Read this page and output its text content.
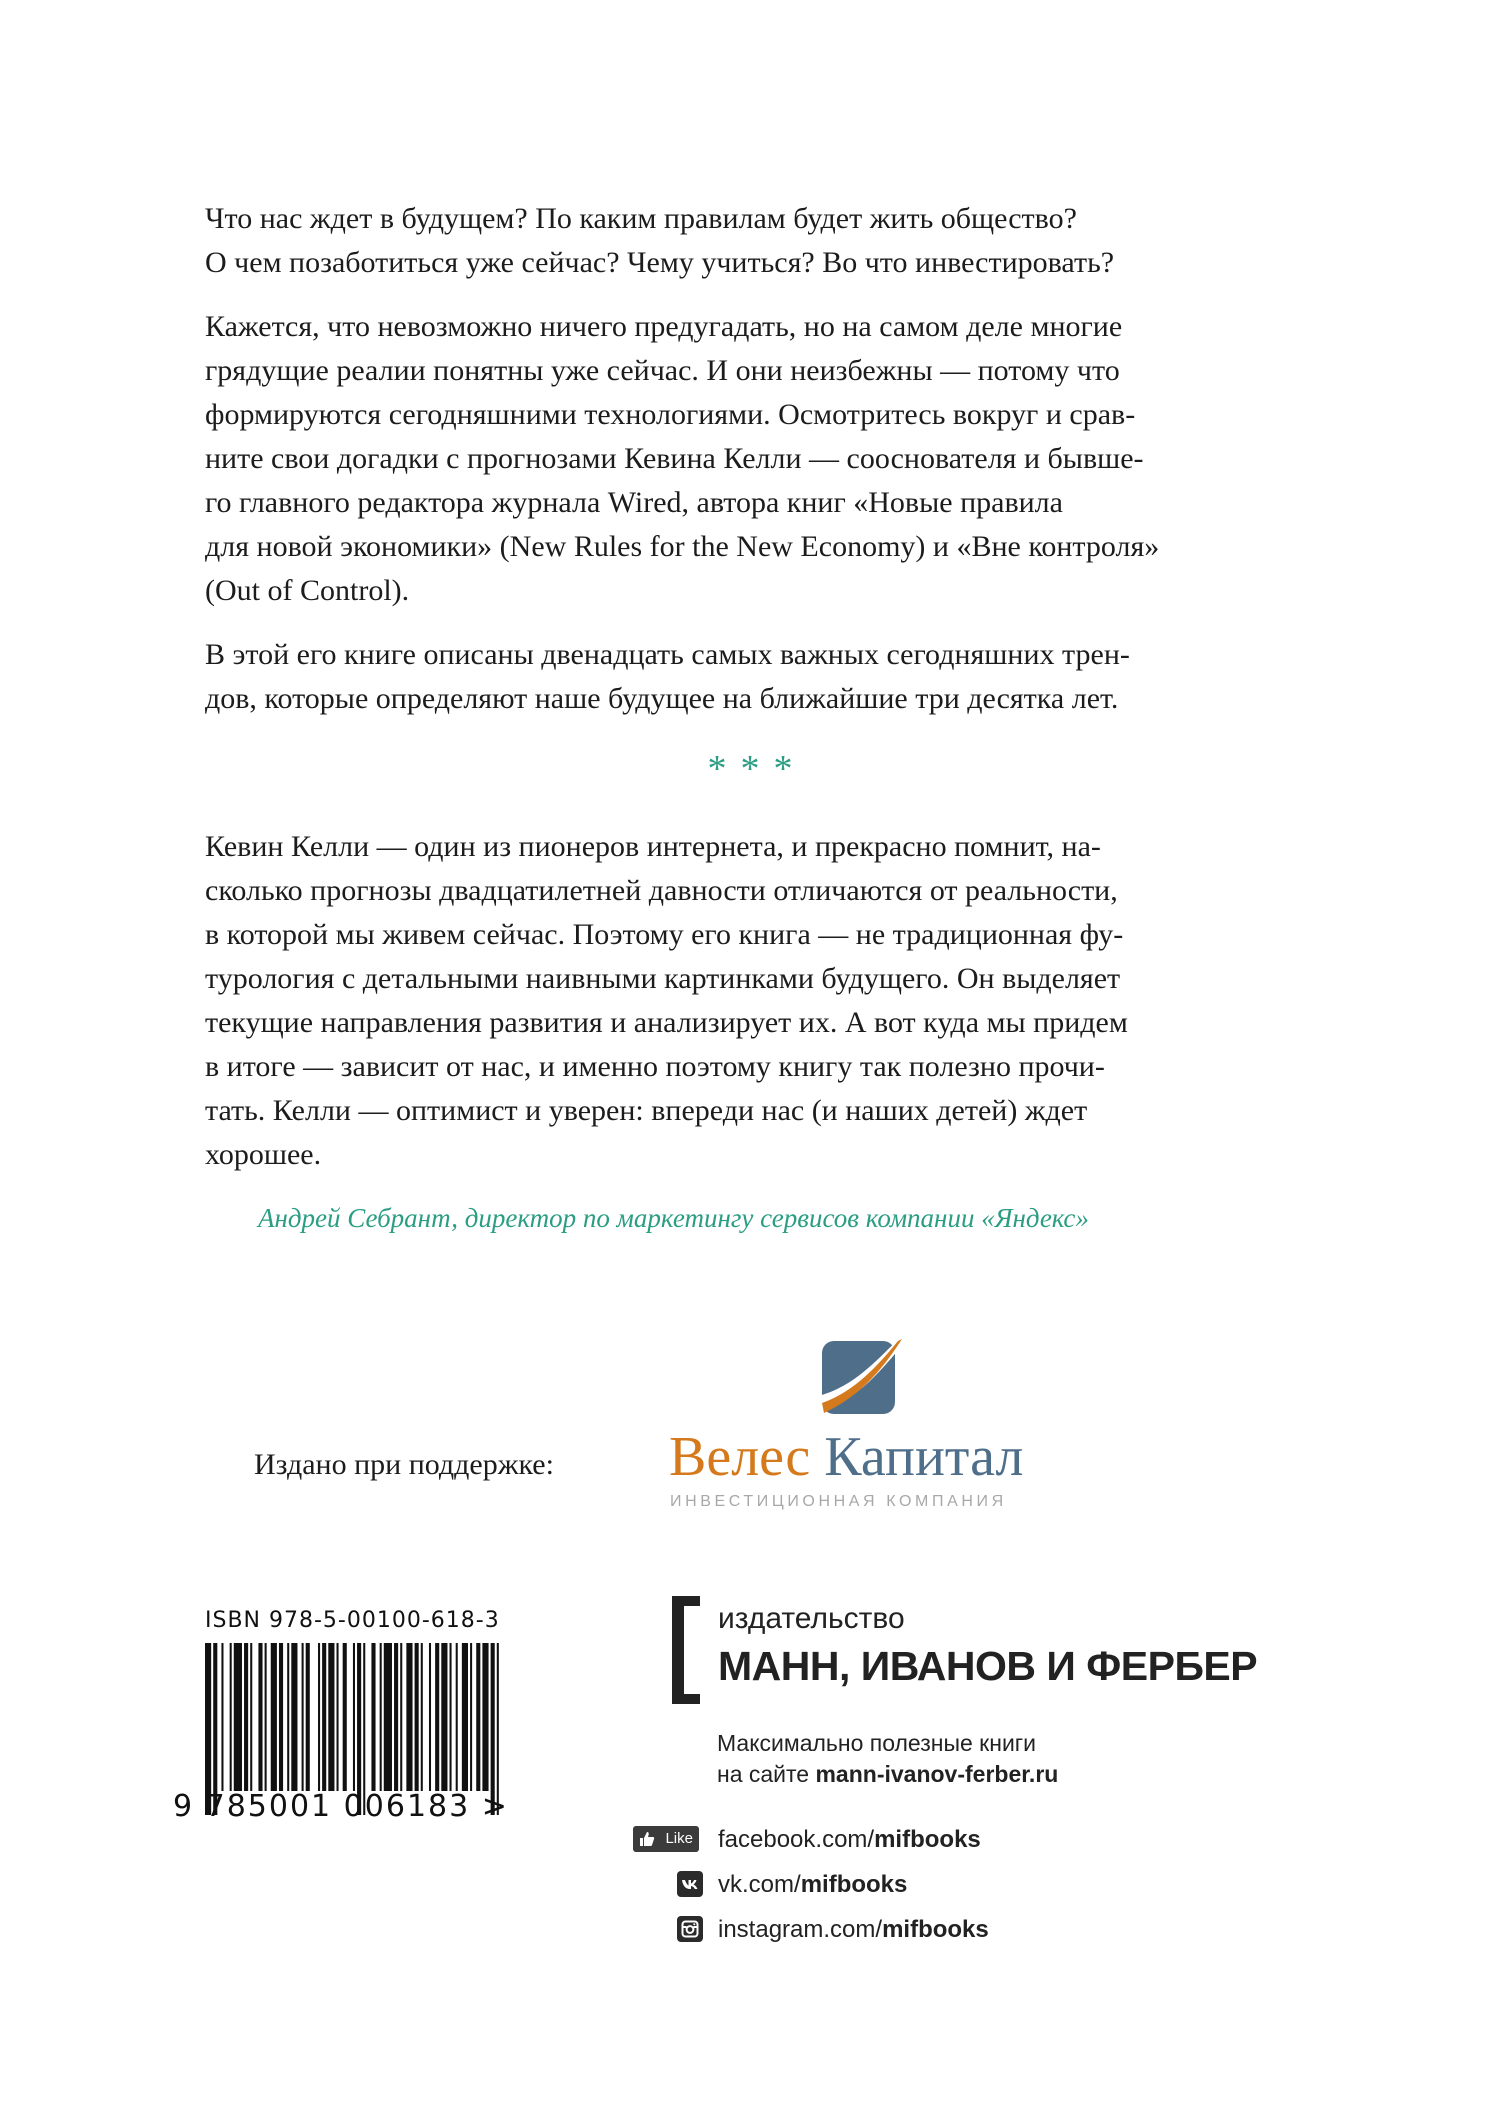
Что нас ждет в будущем? По каким правилам будет жить общество?
О чем позаботиться уже сейчас? Чему учиться? Во что инвестировать?

Кажется, что невозможно ничего предугадать, но на самом деле многие
грядущие реалии понятны уже сейчас. И они неизбежны — потому что
формируются сегодняшними технологиями. Осмотритесь вокруг и срав-
ните свои догадки с прогнозами Кевина Келли — сооснователя и бывше-
го главного редактора журнала Wired, автора книг «Новые правила
для новой экономики» (New Rules for the New Economy) и «Вне контроля»
(Out of Control).

В этой его книге описаны двенадцать самых важных сегодняшних трен-
дов, которые определяют наше будущее на ближайшие три десятка лет.

***

Кевин Келли — один из пионеров интернета, и прекрасно помнит, на-
сколько прогнозы двадцатилетней давности отличаются от реальности,
в которой мы живем сейчас. Поэтому его книга — не традиционная фу-
турология с детальными наивными картинками будущего. Он выделяет
текущие направления развития и анализирует их. А вот куда мы придем
в итоге — зависит от нас, и именно поэтому книгу так полезно прочи-
тать. Келли — оптимист и уверен: впереди нас (и наших детей) ждет
хорошее.

Андрей Себрант, директор по маркетингу сервисов компании «Яндекс»
Издано при поддержке: Велес Капитал
ИНВЕСТИЦИОННАЯ КОМПАНИЯ
ISBN 978-5-00100-618-3
9 785001 006183 >
издательство
МАНН, ИВАНОВ И ФЕРБЕР
Максимально полезные книги
на сайте mann-ivanov-ferber.ru
Like facebook.com/mifbooks
vk.com/mifbooks
instagram.com/mifbooks
